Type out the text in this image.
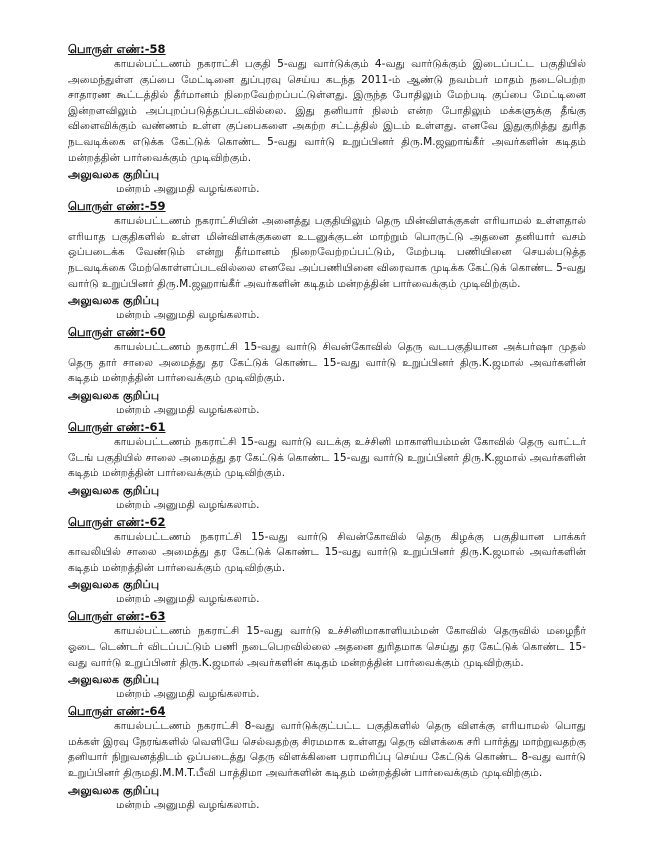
பொருள் எண்:-58

காயல்பட்டணம் நகராட்சி பகுதி 5-வது வார்டுக்கும் 4-வது வார்டுக்கும் இடைப்பட்ட பகுதியில் அமைந்துள்ள குப்பை மேட்டினை துப்புரவு செய்ய கடந்த 2011-ம் ஆண்டு நவம்பர் மாதம் நடைபெற்ற சாதாரண கூட்டத்தில் தீர்மானம் நிறைவேற்றப்பட்டுள்ளது. இருந்த போதிலும் மேற்படி குப்பை மேட்டினை இன்றளவிலும் அப்புறப்படுத்தப்படவில்லை. இது தனியார் நிலம் என்ற போதிலும் மக்களுக்கு தீங்கு விளைவிக்கும் வண்ணம் உள்ள குப்பைகளை அகற்ற சட்டத்தில் இடம் உள்ளது. எனவே இதுகுறித்து துரித நடவடிக்கை எடுக்க கேட்டுக் கொண்ட 5-வது வார்டு உறுப்பினர் திரு.M.ஜஹாங்கீர் அவர்களின் கடிதம் மன்றத்தின் பார்வைக்கும் முடிவிற்கும்.

அலுவலக குறிப்பு

மன்றம் அனுமதி வழங்கலாம்.

பொருள் எண்:-59

காயல்பட்டணம் நகராட்சியின் அனைத்து பகுதியிலும் தெரு மின்விளக்குகள் எரியாமல் உள்ளதால் எரியாத பகுதிகளில் உள்ள மின்விளக்குகளை உடனுக்குடன் மாற்றும் பொருட்டு அதனை தனியார் வசம் ஒப்படைக்க வேண்டும் என்று தீர்மானம் நிறைவேற்றப்பட்டும், மேற்படி பணியினை செயல்படுத்த நடவடிக்கை மேற்கொள்ளப்படவில்லை எனவே அப்பணியினை விரைவாக முடிக்க கேட்டுக் கொண்ட 5-வது வார்டு உறுப்பினர் திரு.M.ஜஹாங்கீர் அவர்களின் கடிதம் மன்றத்தின் பார்வைக்கும் முடிவிற்கும்.

அலுவலக குறிப்பு

மன்றம் அனுமதி வழங்கலாம்.

பொருள் எண்:-60

காயல்பட்டணம் நகராட்சி 15-வது வார்டு சிவன்கோவில் தெரு வடபகுதியான அக்பர்ஷா முதல் தெரு தார் சாலை அமைத்து தர கேட்டுக் கொண்ட 15-வது வார்டு உறுப்பினர் திரு.K.ஜமால் அவர்களின் கடிதம் மன்றத்தின் பார்வைக்கும் முடிவிற்கும்.

அலுவலக குறிப்பு

மன்றம் அனுமதி வழங்கலாம்.

பொருள் எண்:-61

காயல்பட்டணம் நகராட்சி 15-வது வார்டு வடக்கு உச்சினி மாகாளியம்மன் கோவில் தெரு வாட்டர் டேங் பகுதியில் சாலை அமைத்து தர கேட்டுக் கொண்ட 15-வது வார்டு உறுப்பினர் திரு.K.ஜமால் அவர்களின் கடிதம் மன்றத்தின் பார்வைக்கும் முடிவிற்கும்.

அலுவலக குறிப்பு

மன்றம் அனுமதி வழங்கலாம்.

பொருள் எண்:-62

காயல்பட்டணம் நகராட்சி 15-வது வார்டு சிவன்கோவில் தெரு கிழக்கு பகுதியான பாக்கர் காவலியில் சாலை அமைத்து தர கேட்டுக் கொண்ட 15-வது வார்டு உறுப்பினர் திரு.K.ஜமால் அவர்களின் கடிதம் மன்றத்தின் பார்வைக்கும் முடிவிற்கும்.

அலுவலக குறிப்பு

மன்றம் அனுமதி வழங்கலாம்.

பொருள் எண்:-63

காயல்பட்டணம் நகராட்சி 15-வது வார்டு உச்சினிமாகாளியம்மன் கோவில் தெருவில் மழைநீர் ஓடை டெண்டர் விடப்பட்டும் பணி நடைபெறவில்லை அதனை துரிதமாக செய்து தர கேட்டுக் கொண்ட 15-வது வார்டு உறுப்பினர் திரு.K.ஜமால் அவர்களின் கடிதம் மன்றத்தின் பார்வைக்கும் முடிவிற்கும்.

அலுவலக குறிப்பு

மன்றம் அனுமதி வழங்கலாம்.

பொருள் எண்:-64

காயல்பட்டணம் நகராட்சி 8-வது வார்டுக்குட்பட்ட பகுதிகளில் தெரு விளக்கு எரியாமல் பொது மக்கள் இரவு நேரங்களில் வெளியே செல்வதற்கு சிரமமாக உள்ளது தெரு விளக்கை சரி பார்த்து மாற்றுவதற்கு தனியார் நிறுவனத்திடம் ஒப்படைத்து தெரு விளக்கினை பராமரிப்பு செய்ய கேட்டுக் கொண்ட 8-வது வார்டு உறுப்பினர் திருமதி.M.M.T.பீவி பாத்திமா அவர்களின் கடிதம் மன்றத்தின் பார்வைக்கும் முடிவிற்கும்.

அலுவலக குறிப்பு

மன்றம் அனுமதி வழங்கலாம்.
